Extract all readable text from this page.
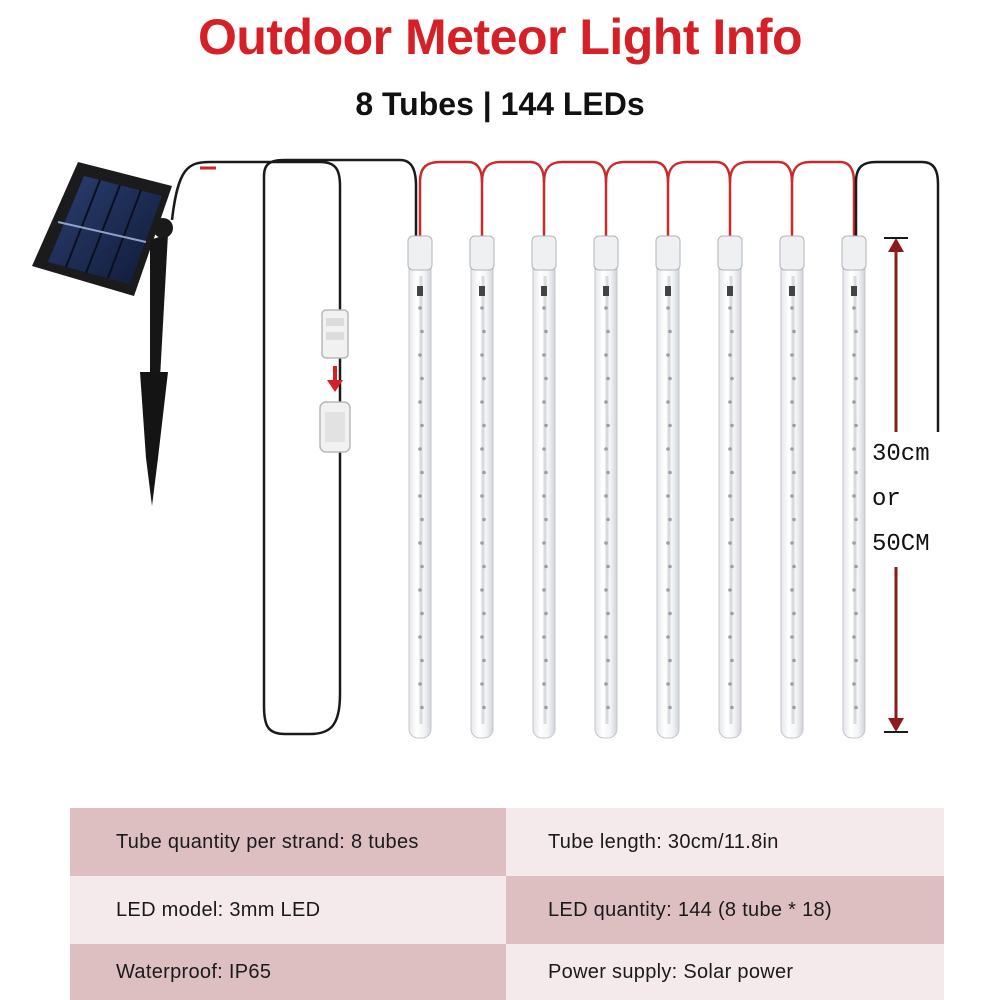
Outdoor Meteor Light Info
8 Tubes | 144 LEDs
30cm
or
50CM
Tube quantity per strand: 8 tubes	Tube length: 30cm/11.8in
LED model: 3mm LED	LED quantity: 144 (8 tube * 18)
Waterproof: IP65	Power supply: Solar power
